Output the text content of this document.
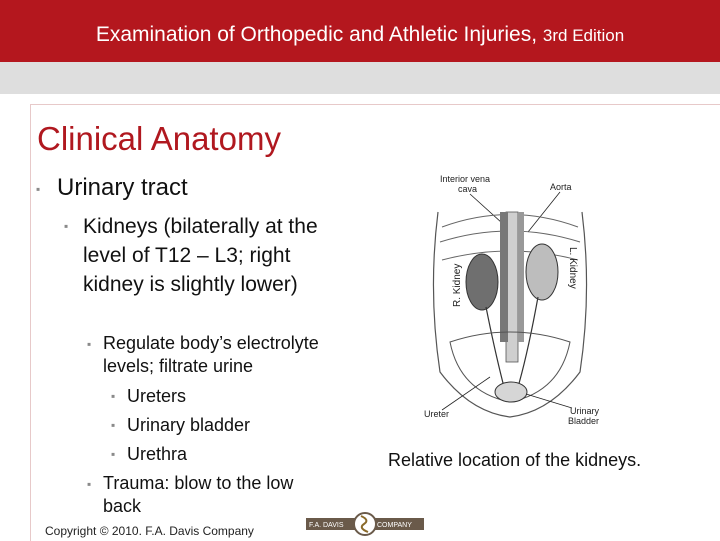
Examination of Orthopedic and Athletic Injuries, 3rd Edition
Clinical Anatomy
▪ Urinary tract
▪ Kidneys (bilaterally at the level of T12 – L3; right kidney is slightly lower)
▪ Regulate body’s electrolyte levels; filtrate urine
▪ Ureters
▪ Urinary bladder
▪ Urethra
▪ Trauma: blow to the low back
Interior vena
cava	Aorta
R. Kidney	L. Kidney
Ureter	Urinary
Bladder
Relative location of the kidneys.
Copyright © 2010. F.A. Davis Company	F.A. DAVIS	COMPANY
